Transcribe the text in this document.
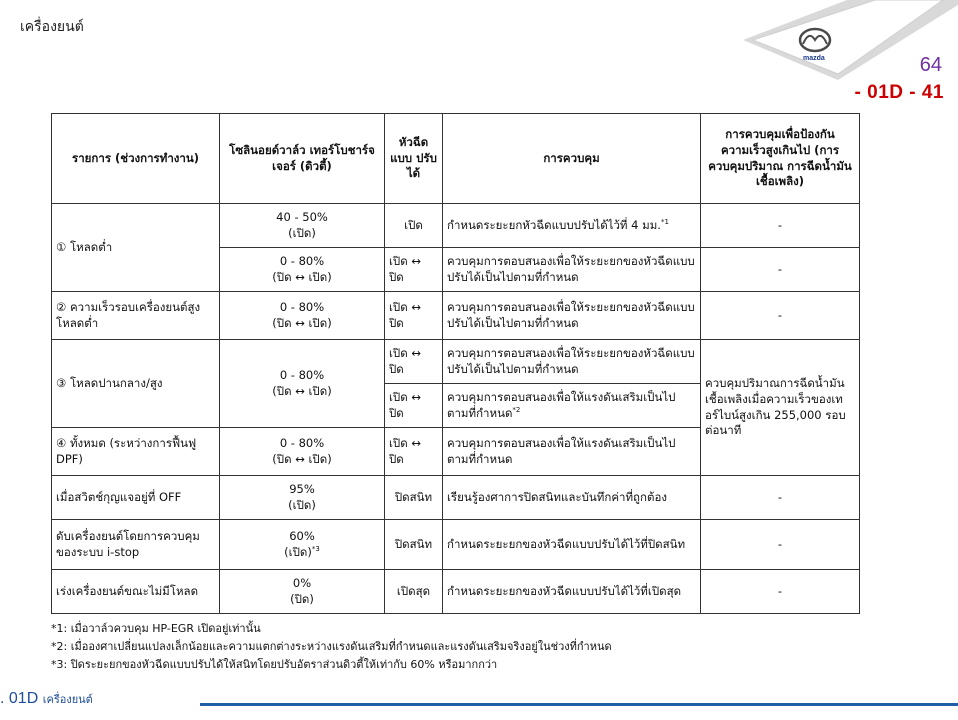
เครื่องยนต์
mazda	64
- 01D - 41
รายการ (ช่วงการทำงาน)	โซลินอยด์วาล์ว เทอร์โบชาร์จเจอร์ (ดิวตี้)	หัวฉีด แบบ ปรับได้	การควบคุม	การควบคุมเพื่อป้องกัน ความเร็วสูงเกินไป (การควบคุมปริมาณ การฉีดน้ำมันเชื้อเพลิง)
① โหลดต่ำ	40 - 50%
(เปิด)	เปิด	กำหนดระยะยกหัวฉีดแบบปรับได้ไว้ที่ 4 มม.$^{*1}$	-
	0 - 80%
(ปิด ↔ เปิด)	เปิด ↔ ปิด	ควบคุมการตอบสนองเพื่อให้ระยะยกของหัวฉีดแบบปรับได้เป็นไปตามที่กำหนด	-
② ความเร็วรอบเครื่องยนต์สูงโหลดต่ำ	0 - 80%
(ปิด ↔ เปิด)	เปิด ↔ ปิด	ควบคุมการตอบสนองเพื่อให้ระยะยกของหัวฉีดแบบปรับได้เป็นไปตามที่กำหนด	-
③ โหลดปานกลาง/สูง	0 - 80%
(ปิด ↔ เปิด)	เปิด ↔ ปิด	ควบคุมการตอบสนองเพื่อให้ระยะยกของหัวฉีดแบบปรับได้เป็นไปตามที่กำหนด	ควบคุมปริมาณการฉีดน้ำมันเชื้อเพลิงเมื่อความเร็วของเทอร์ไบน์สูงเกิน 255,000 รอบต่อนาที
		เปิด ↔ ปิด	ควบคุมการตอบสนองเพื่อให้แรงดันเสริมเป็นไปตามที่กำหนด$^{*2}$
④ ทั้งหมด (ระหว่างการฟื้นฟู DPF)	0 - 80%
(ปิด ↔ เปิด)	เปิด ↔ ปิด	ควบคุมการตอบสนองเพื่อให้แรงดันเสริมเป็นไปตามที่กำหนด	
เมื่อสวิตช์กุญแจอยู่ที่ OFF	95%
(เปิด)	ปิดสนิท	เรียนรู้องศาการปิดสนิทและบันทึกค่าที่ถูกต้อง	-
ดับเครื่องยนต์โดยการควบคุมของระบบ i-stop	60%
(เปิด)$^{*3}$	ปิดสนิท	กำหนดระยะยกของหัวฉีดแบบปรับได้ไว้ที่ปิดสนิท	-
เร่งเครื่องยนต์ขณะไม่มีโหลด	0%
(ปิด)	เปิดสุด	กำหนดระยะยกของหัวฉีดแบบปรับได้ไว้ที่เปิดสุด	-
*1: เมื่อวาล์วควบคุม HP-EGR เปิดอยู่เท่านั้น
*2: เมื่อองศาเปลี่ยนแปลงเล็กน้อยและความแตกต่างระหว่างแรงดันเสริมที่กำหนดและแรงดันเสริมจริงอยู่ในช่วงที่กำหนด
*3: ปิดระยะยกของหัวฉีดแบบปรับได้ให้สนิทโดยปรับอัตราส่วนดิวตี้ให้เท่ากับ 60% หรือมากกว่า
. 01D เครื่องยนต์
